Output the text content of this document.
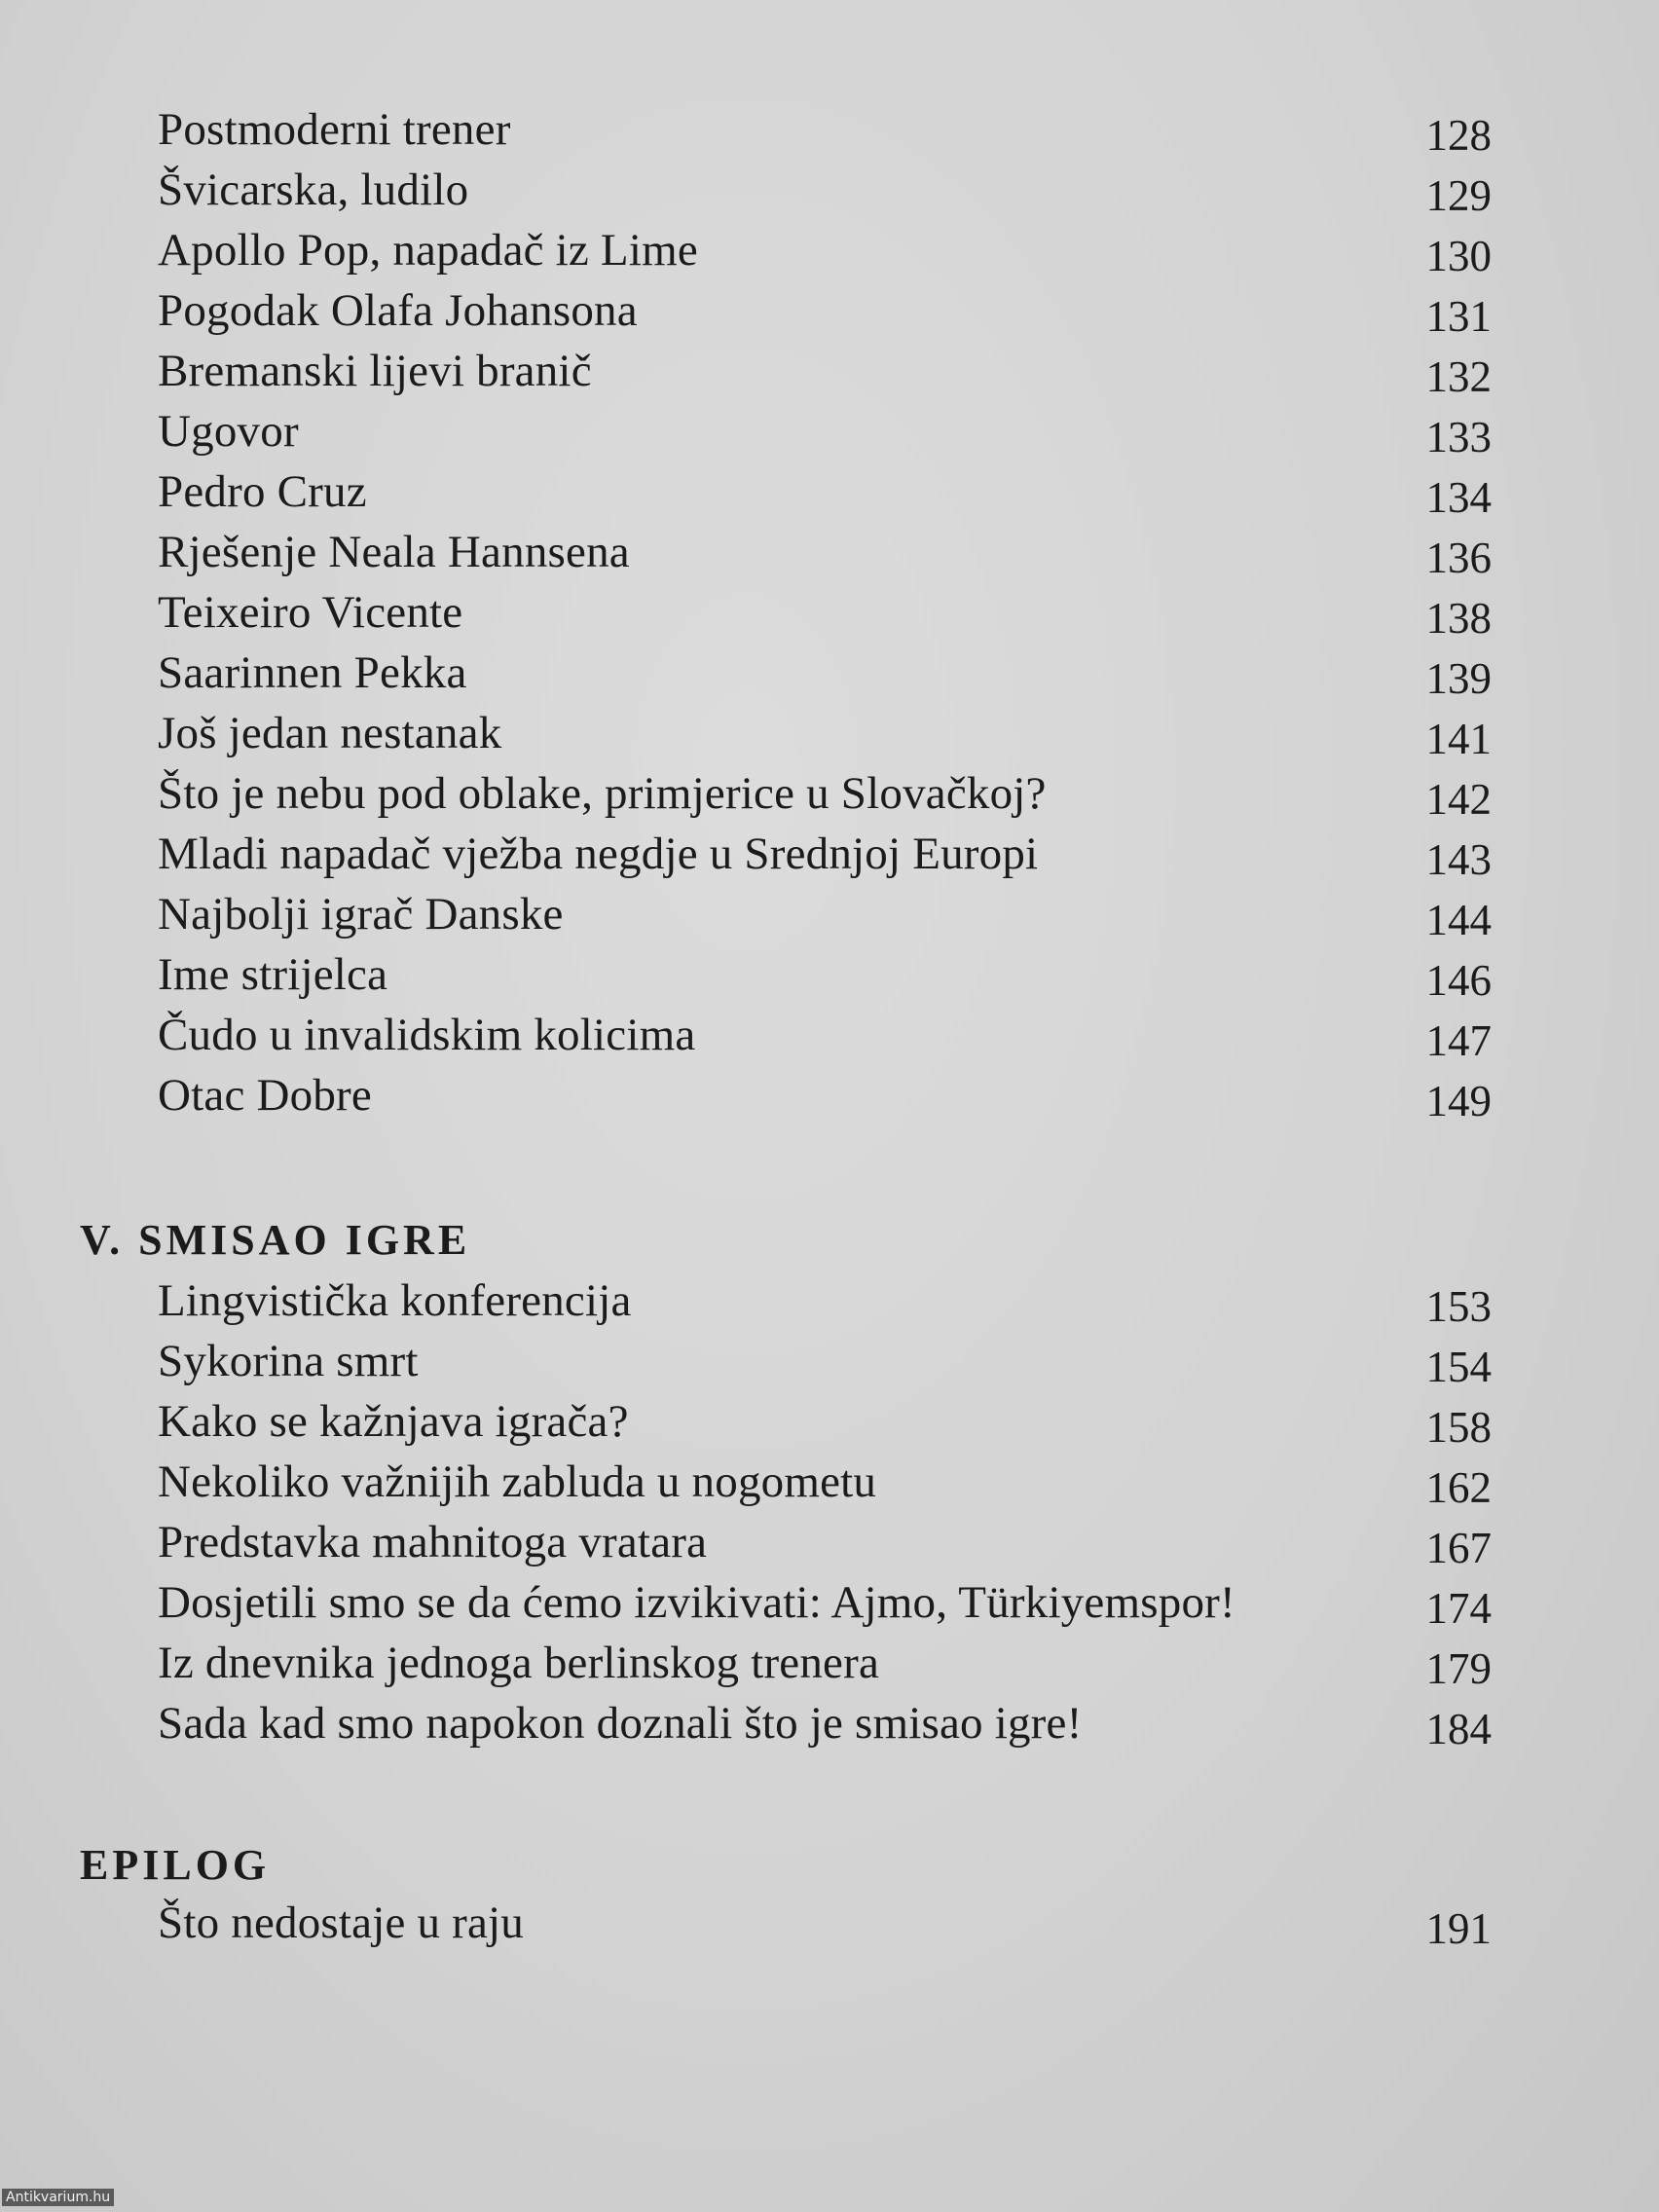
Postmoderni trener	128
Švicarska, ludilo	129
Apollo Pop, napadač iz Lime	130
Pogodak Olafa Johansona	131
Bremanski lijevi branič	132
Ugovor	133
Pedro Cruz	134
Rješenje Neala Hannsena	136
Teixeiro Vicente	138
Saarinnen Pekka	139
Još jedan nestanak	141
Što je nebu pod oblake, primjerice u Slovačkoj?	142
Mladi napadač vježba negdje u Srednjoj Europi	143
Najbolji igrač Danske	144
Ime strijelca	146
Čudo u invalidskim kolicima	147
Otac Dobre	149
V. SMISAO IGRE
Lingvistička konferencija	153
Sykorina smrt	154
Kako se kažnjava igrača?	158
Nekoliko važnijih zabluda u nogometu	162
Predstavka mahnitoga vratara	167
Dosjetili smo se da ćemo izvikivati: Ajmo, Türkiyemspor!	174
Iz dnevnika jednoga berlinskog trenera	179
Sada kad smo napokon doznali što je smisao igre!	184
EPILOG
Što nedostaje u raju	191
Antikvarium.hu
